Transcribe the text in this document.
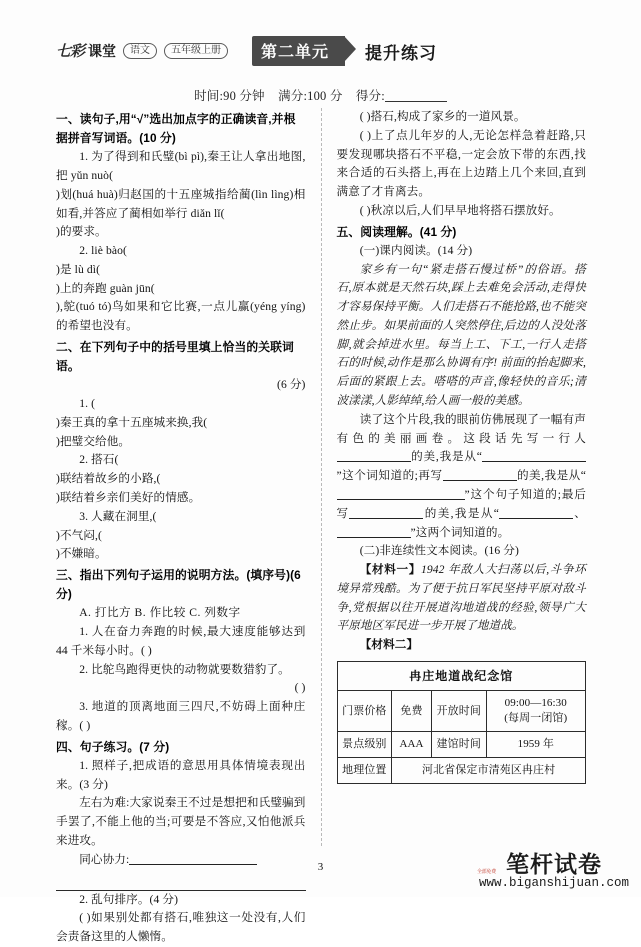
七彩 课堂	语文	五年级上册	第二单元	提升练习
时间:90 分钟 满分:100 分 得分:
一、读句子,用“√”选出加点字的正确读音,并根据拼音写词语。(10 分)

1. 为了得到和氏璧(bì pì),秦王让人拿出地图,把 yǔn nuò(

)划(huá huà)归赵国的十五座城指给蔺(lìn lìng)相如看,并答应了蔺相如举行 diǎn lǐ(

)的要求。

2. liè bào(

)是 lù dì(

)上的奔跑 guàn jūn(

),鸵(tuó tó)鸟如果和它比赛,一点儿赢(yéng yíng)的希望也没有。

二、在下列句子中的括号里填上恰当的关联词语。

(6 分)

1. (

)秦王真的拿十五座城来换,我(

)把璧交给他。

2. 搭石(

)联结着故乡的小路,(

)联结着乡亲们美好的情感。

3. 人藏在洞里,(

)不气闷,(

)不嫌暗。

三、指出下列句子运用的说明方法。(填序号)(6 分)

A. 打比方 B. 作比较 C. 列数字

1. 人在奋力奔跑的时候,最大速度能够达到 44 千米每小时。( )

2. 比鸵鸟跑得更快的动物就要数猎豹了。

( )

3. 地道的顶离地面三四尺,不妨碍上面种庄稼。( )

四、句子练习。(7 分)

1. 照样子,把成语的意思用具体情境表现出来。(3 分)

左右为难:大家说秦王不过是想把和氏璧骗到手罢了,不能上他的当;可要是不答应,又怕他派兵来进攻。

同心协力:

2. 乱句排序。(4 分)

( )如果别处都有搭石,唯独这一处没有,人们会责备这里的人懒惰。

( )搭石,构成了家乡的一道风景。

( )上了点儿年岁的人,无论怎样急着赶路,只要发现哪块搭石不平稳,一定会放下带的东西,找来合适的石头搭上,再在上边踏上几个来回,直到满意了才肯离去。

( )秋凉以后,人们早早地将搭石摆放好。

五、阅读理解。(41 分)

(一)课内阅读。(14 分)

家乡有一句“紧走搭石慢过桥”的俗语。搭石,原本就是天然石块,踩上去难免会活动,走得快才容易保持平衡。人们走搭石不能抢路,也不能突然止步。如果前面的人突然停住,后边的人没处落脚,就会掉进水里。每当上工、下工,一行人走搭石的时候,动作是那么协调有序! 前面的抬起脚来,后面的紧跟上去。嗒嗒的声音,像轻快的音乐;清波漾漾,人影绰绰,给人画一般的美感。

读了这个片段,我的眼前仿佛展现了一幅有声有色的美丽画卷。这段话先写一行人的美,我是从“”这个词知道的;再写	的美,我是从“”这个句子知道的;最后写	的美,我是从“	、”这两个词知道的。

(二)非连续性文本阅读。(16 分)

【材料一】1942 年敌人大扫荡以后,斗争环境异常残酷。为了便于抗日军民坚持平原对敌斗争,党根据以往开展道沟地道战的经验,领导广大平原地区军民进一步开展了地道战。

【材料二】

冉庄地道战纪念馆			
门票价格	免费	开放时间	09:00—16:30
(每周一闭馆)

景点级别	AAA	建馆时间	1959 年
地理位置	河北省保定市清苑区冉庄村		
3	全部免费 笔杆试卷
www.biganshijuan.com
